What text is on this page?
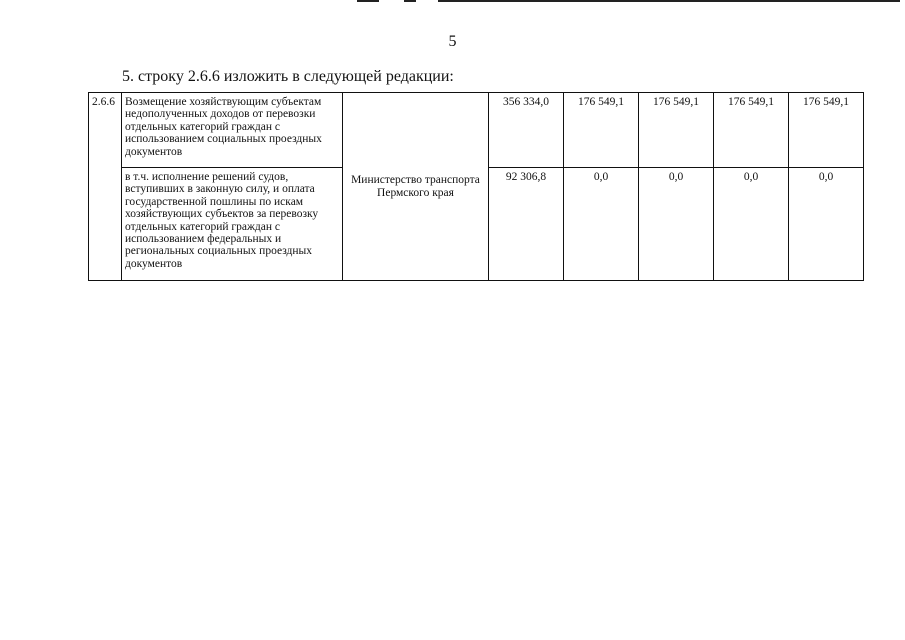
5
5. строку 2.6.6 изложить в следующей редакции:
2.6.6	Возмещение хозяйствующим субъектам недополученных доходов от перевозки отдельных категорий граждан с использованием социальных проездных документов	Министерство транспорта Пермского края	356 334,0	176 549,1	176 549,1	176 549,1	176 549,1
	в т.ч. исполнение решений судов, вступивших в законную силу, и оплата государственной пошлины по искам хозяйствующих субъектов за перевозку отдельных категорий граждан с использованием федеральных и региональных социальных проездных документов		92 306,8	0,0	0,0	0,0	0,0
